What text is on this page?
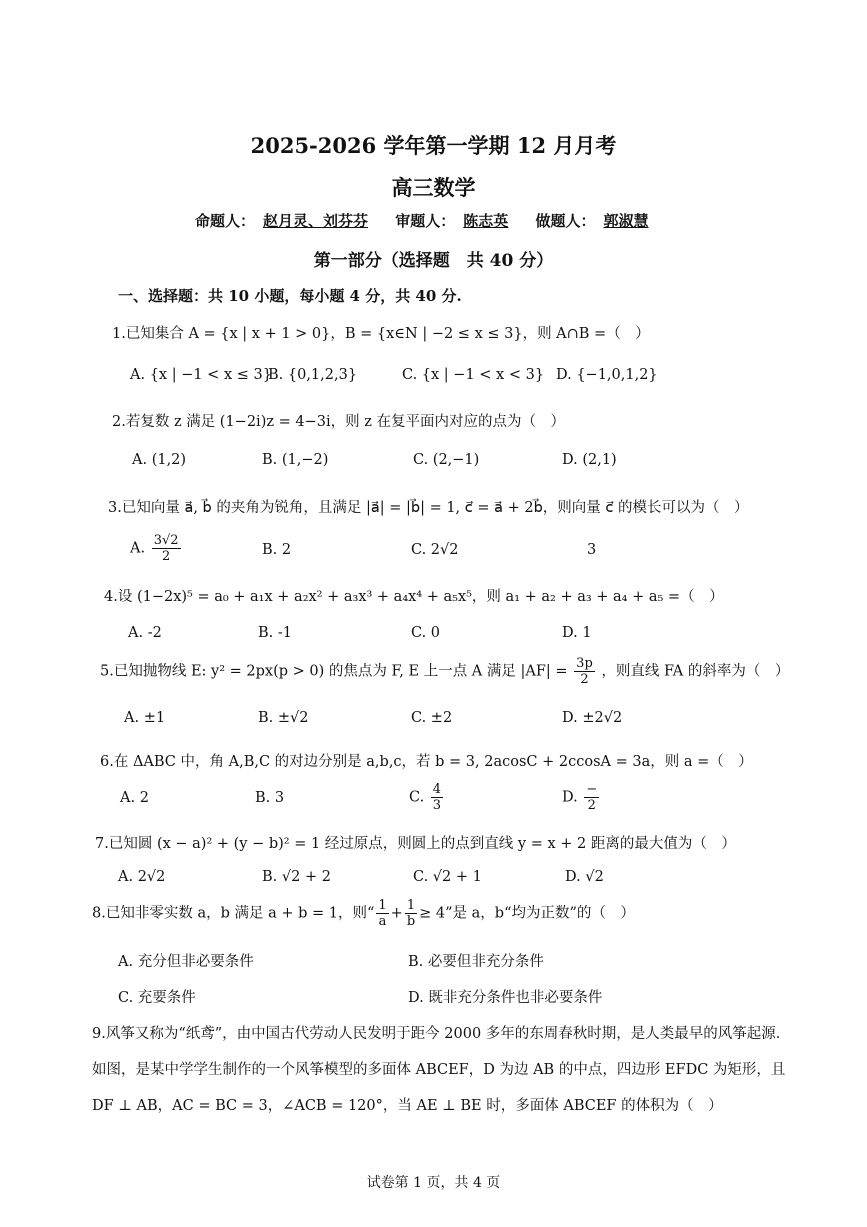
2025-2026 学年第一学期 12 月月考
高三数学
命题人： 赵月灵、刘芬芬 审题人： 陈志英 做题人： 郭淑慧
第一部分（选择题　共 40 分）
一、选择题：共 10 小题，每小题 4 分，共 40 分.
1.已知集合 A = {x | x + 1 > 0}，B = {x∈N | −2 ≤ x ≤ 3}，则 A∩B =（　）
A. {x | −1 < x ≤ 3}
B. {0,1,2,3}	C. {x | −1 < x < 3} D. {−1,0,1,2}
2.若复数 z 满足 (1−2i)z = 4−3i，则 z 在复平面内对应的点为（　）
A. (1,2)	B. (1,−2)	C. (2,−1)	D. (2,1)
3.已知向量 a⃗, b⃗ 的夹角为锐角，且满足 |a⃗| = |b⃗| = 1, c⃗ = a⃗ + 2b⃗，则向量 c⃗ 的模长可以为（　）
A. $\frac{3√2}{2}$	B. 2	C. 2√2	3
4.设 (1−2x)⁵ = a₀ + a₁x + a₂x² + a₃x³ + a₄x⁴ + a₅x⁵，则 a₁ + a₂ + a₃ + a₄ + a₅ =（　）
A. -2	B. -1	C. 0	D. 1
5.已知抛物线 E: y² = 2px(p > 0) 的焦点为 F, E 上一点 A 满足 $|AF| = \frac{3p}{2}$ ，则直线 FA 的斜率为（　）
A. ±1	B. ±√2	C. ±2	D. ±2√2
6.在 ΔABC 中，角 A,B,C 的对边分别是 a,b,c，若 b = 3, 2acosC + 2ccosA = 3a，则 a =（　）
A. 2	B. 3	C. $\frac{4}{3}$	D. $\frac{-}{2}$
7.已知圆 (x − a)² + (y − b)² = 1 经过原点，则圆上的点到直线 y = x + 2 距离的最大值为（　）
A. 2√2	B. √2 + 2	C. √2 + 1	D. √2
8.已知非零实数 a，b 满足 a + b = 1，则“ $\frac{1}{a} + \frac{1}{b} \ge 4$”是 a，b“均为正数”的（　）
A. 充分但非必要条件	B. 必要但非充分条件
C. 充要条件	D. 既非充分条件也非必要条件
9.风筝又称为“纸鸢”，由中国古代劳动人民发明于距今 2000 多年的东周春秋时期，是人类最早的风筝起源．如图，是某中学学生制作的一个风筝模型的多面体 ABCEF，D 为边 AB 的中点，四边形 EFDC 为矩形，且 DF ⊥ AB，AC = BC = 3，∠ACB = 120°，当 AE ⊥ BE 时，多面体 ABCEF 的体积为（　）
试卷第 1 页，共 4 页
